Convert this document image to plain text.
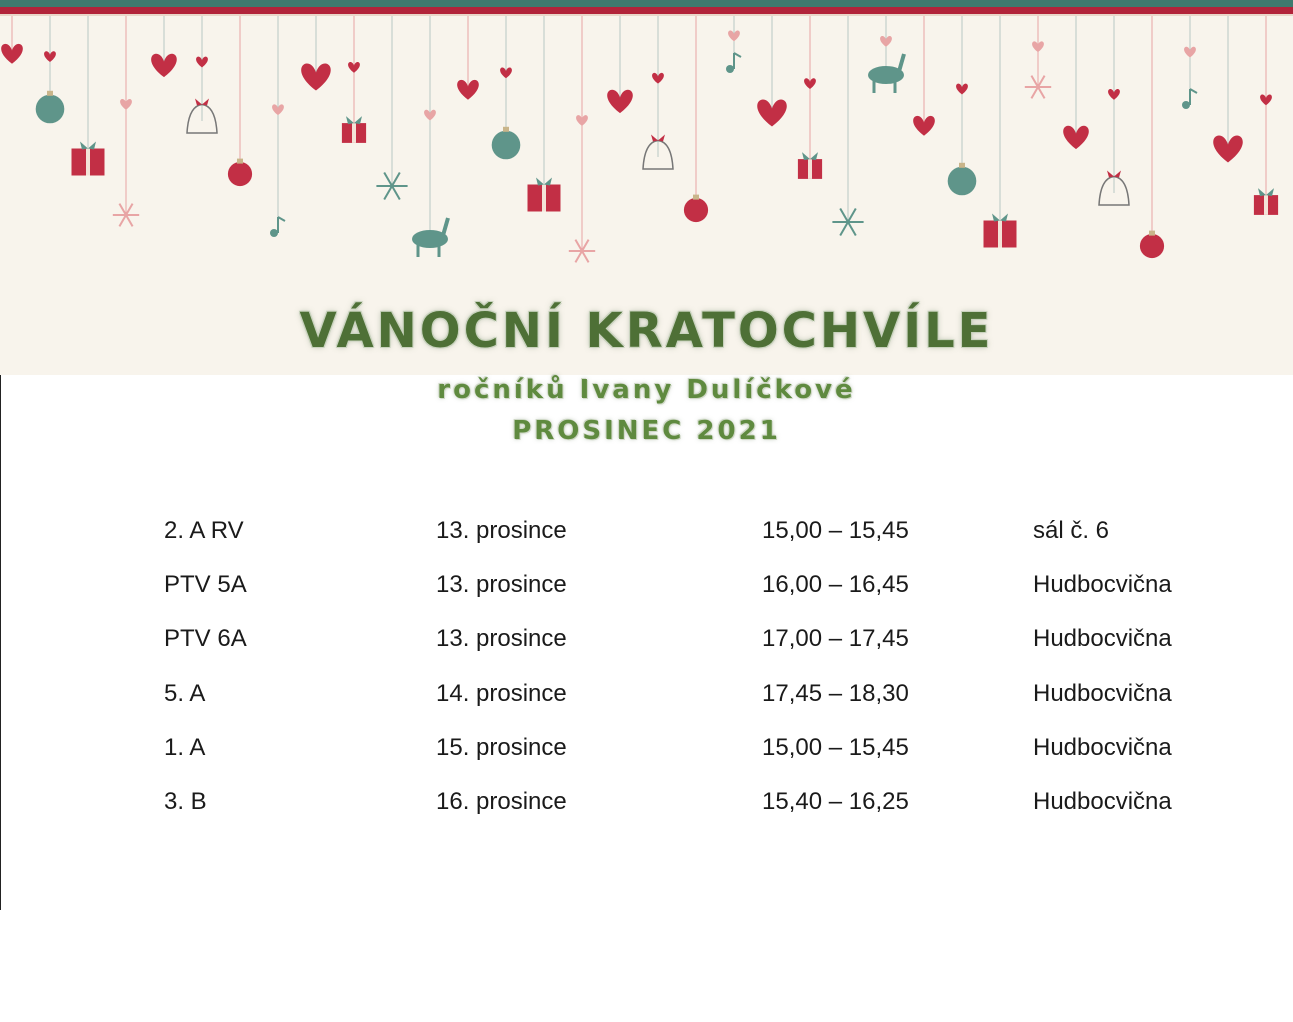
VÁNOČNÍ KRATOCHVÍLE
ročníků Ivany Dulíčkové
PROSINEC 2021
2. A RV	13. prosince	15,00 – 15,45	sál č. 6
PTV 5A	13. prosince	16,00 – 16,45	Hudbocvična
PTV 6A	13. prosince	17,00 – 17,45	Hudbocvična
5. A	14. prosince	17,45 – 18,30	Hudbocvična
1. A	15. prosince	15,00 – 15,45	Hudbocvična
3. B	16. prosince	15,40 – 16,25	Hudbocvična
